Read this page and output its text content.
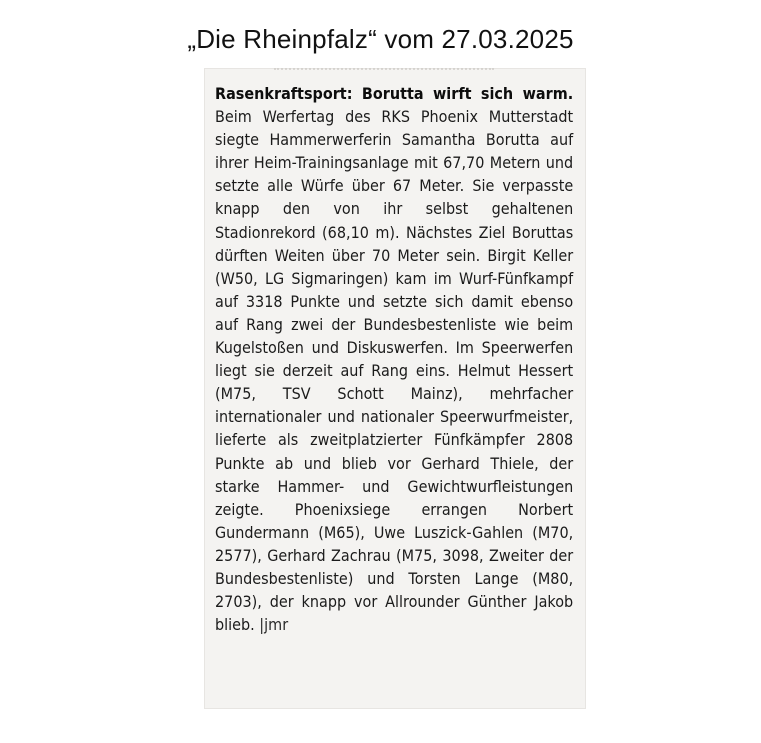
„Die Rheinpfalz“ vom 27.03.2025
Rasenkraftsport: Borutta wirft sich warm. Beim Werfertag des RKS Phoenix Mutterstadt siegte Hammerwerferin Samantha Borutta auf ihrer Heim-Trainingsanlage mit 67,70 Metern und setzte alle Würfe über 67 Meter. Sie verpasste knapp den von ihr selbst gehaltenen Stadionrekord (68,10 m). Nächstes Ziel Boruttas dürften Weiten über 70 Meter sein. Birgit Keller (W50, LG Sigmaringen) kam im Wurf-Fünfkampf auf 3318 Punkte und setzte sich damit ebenso auf Rang zwei der Bundesbestenliste wie beim Kugelstoßen und Diskuswerfen. Im Speerwerfen liegt sie derzeit auf Rang eins. Helmut Hessert (M75, TSV Schott Mainz), mehrfacher internationaler und nationaler Speerwurfmeister, lieferte als zweitplatzierter Fünfkämpfer 2808 Punkte ab und blieb vor Gerhard Thiele, der starke Hammer- und Gewichtwurfleistungen zeigte. Phoenixsiege errangen Norbert Gundermann (M65), Uwe Luszick-Gahlen (M70, 2577), Gerhard Zachrau (M75, 3098, Zweiter der Bundesbestenliste) und Torsten Lange (M80, 2703), der knapp vor Allrounder Günther Jakob blieb. |jmr
